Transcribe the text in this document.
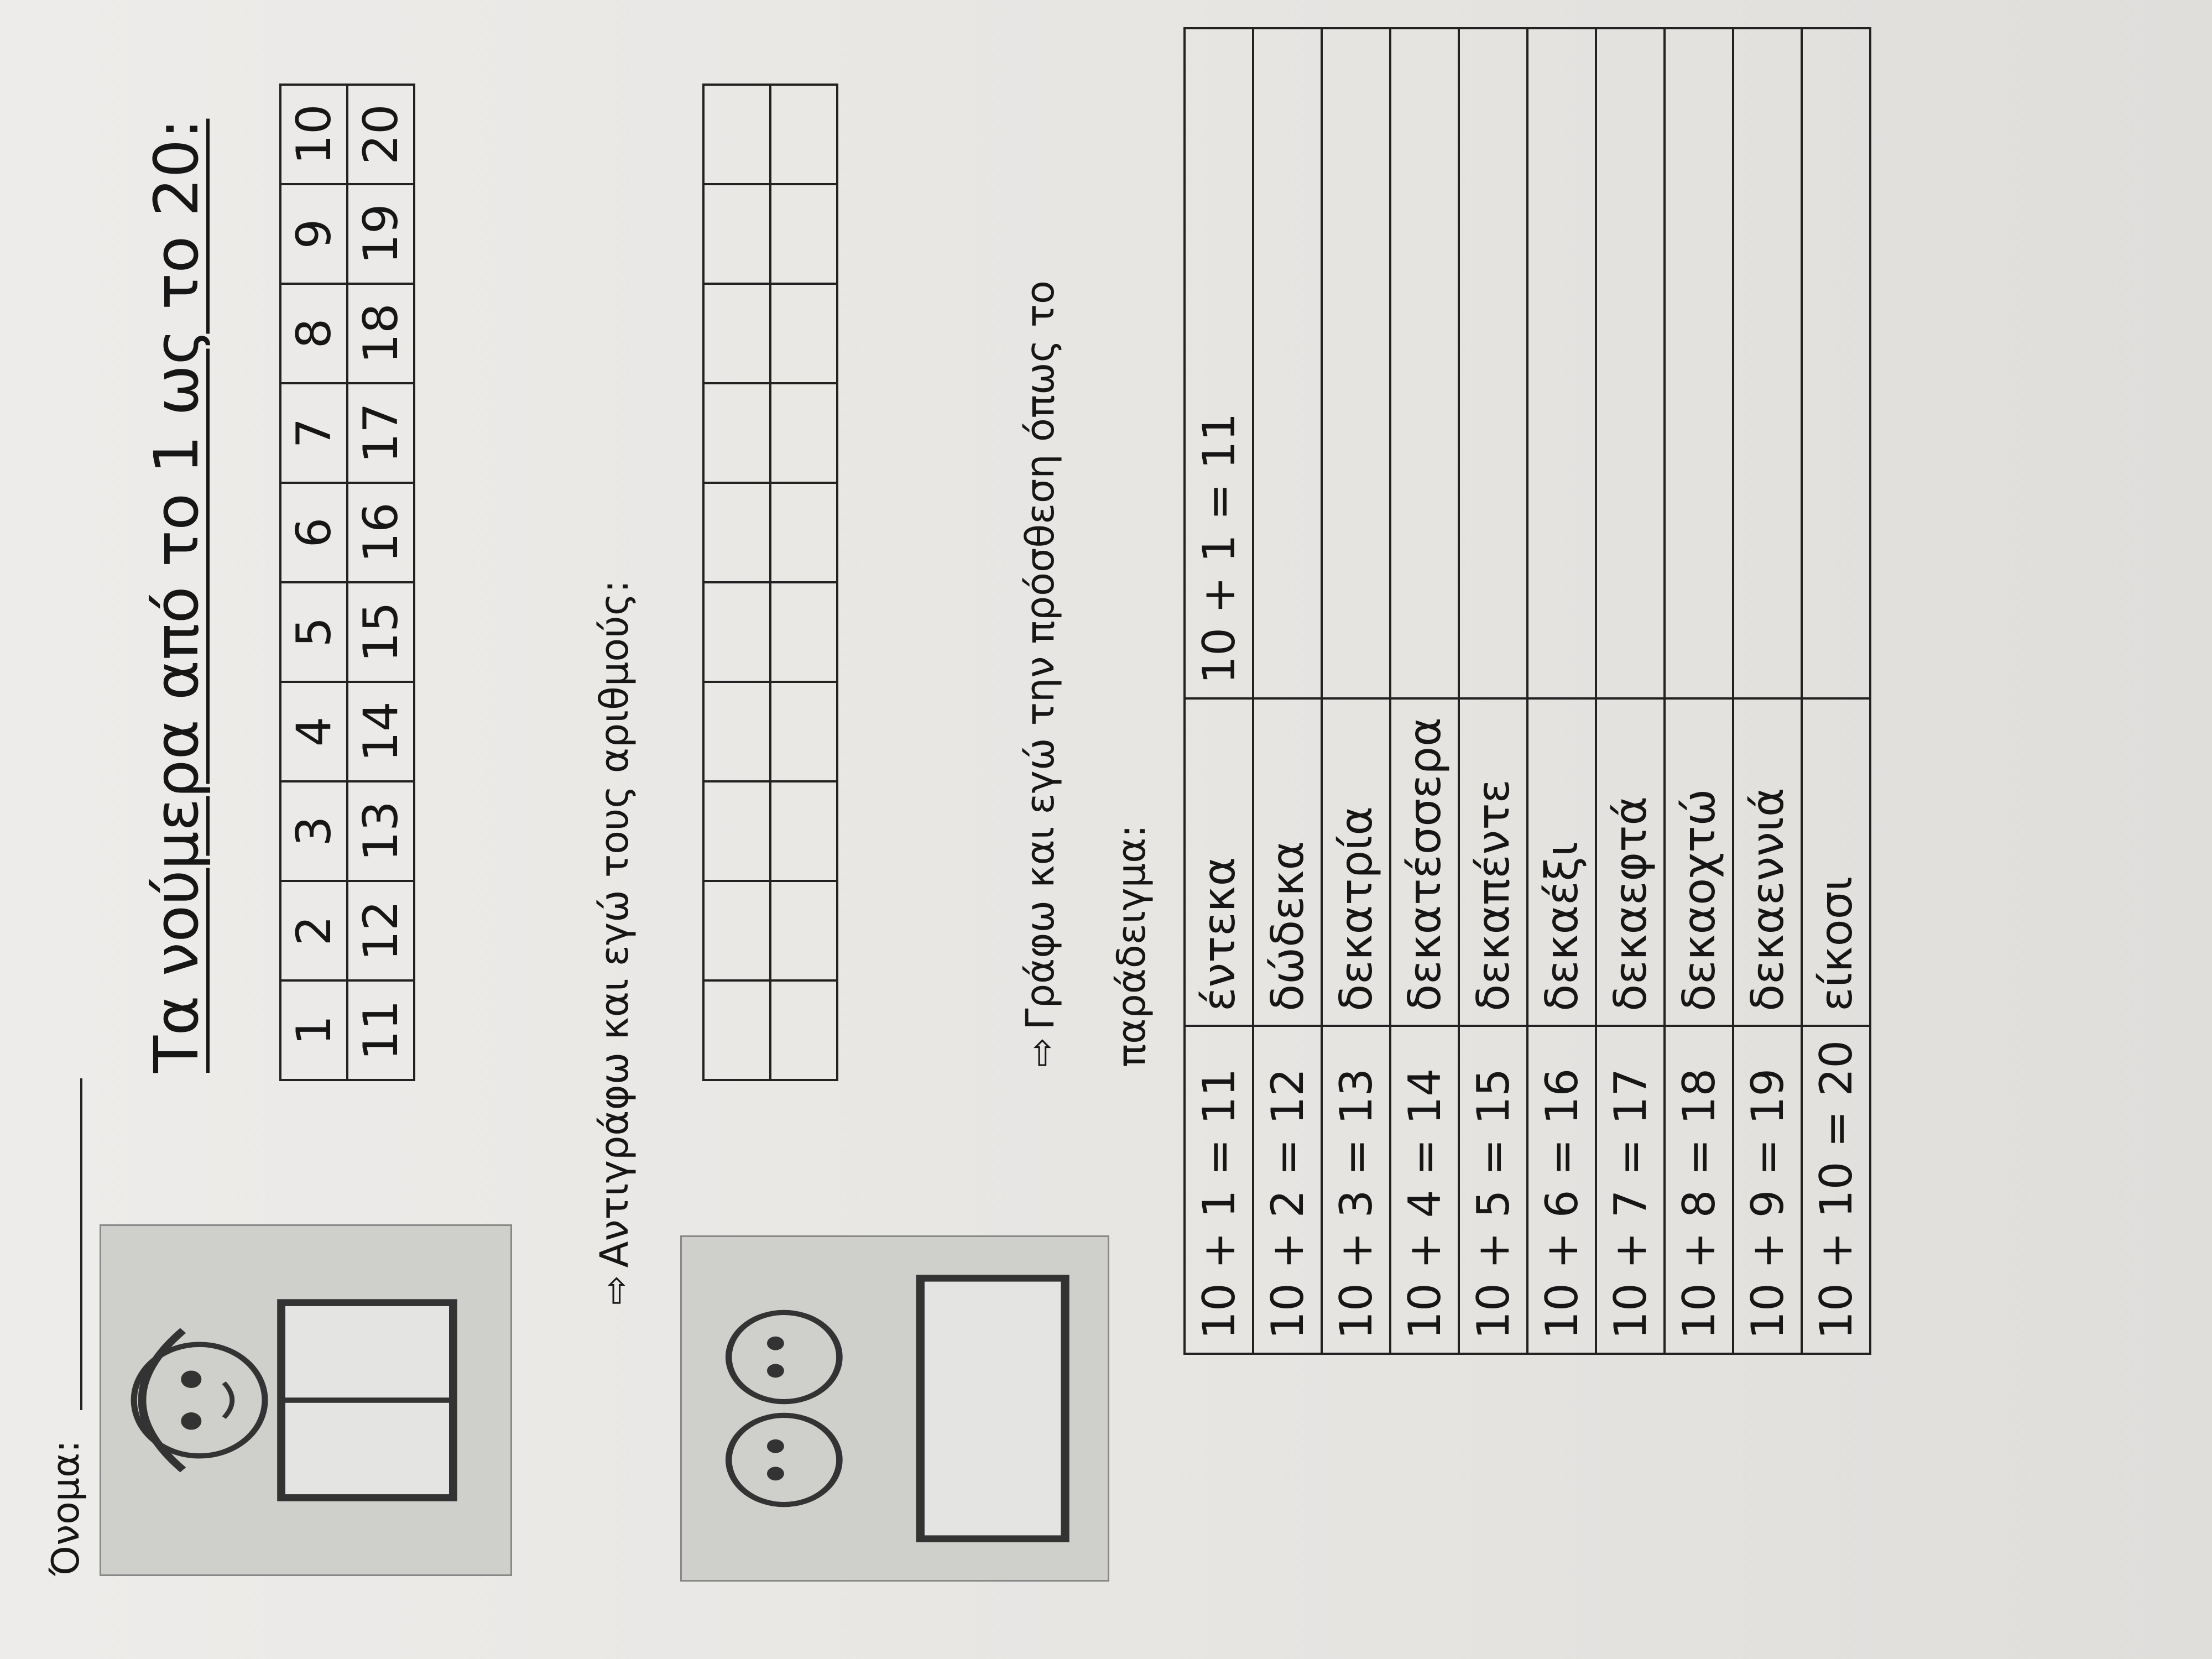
Όνομα:
Τα νούμερα από το 1 ως το 20: 1	2	3	4	5	6	7	8	9	10
11	12	13	14	15	16	17	18	19	20
⇨Αντιγράφω και εγώ τους αριθμούς:

										⇨Γράφω και εγώ την πρόσθεση όπως το παράδειγμα:
10 + 1 = 11	έντεκα	10 + 1 = 11
10 + 2 = 12	δώδεκα	
10 + 3 = 13	δεκατρία	
10 + 4 = 14	δεκατέσσερα	
10 + 5 = 15	δεκαπέντε	
10 + 6 = 16	δεκαέξι	
10 + 7 = 17	δεκαεφτά	
10 + 8 = 18	δεκαοχτώ	
10 + 9 = 19	δεκαεννιά	
10 + 10 = 20	είκοσι	
